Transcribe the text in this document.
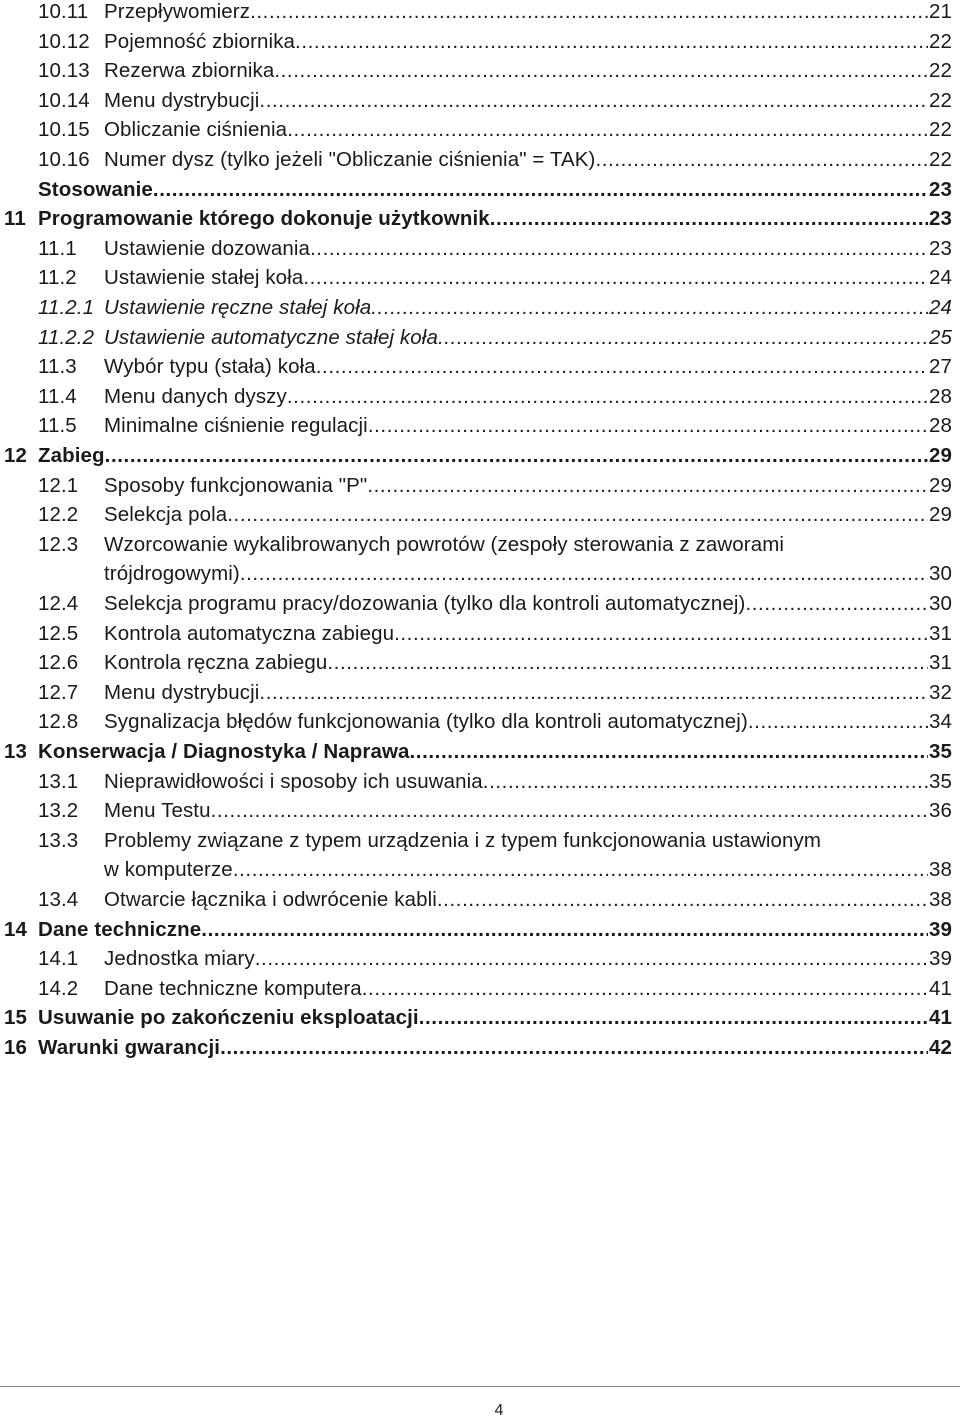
10.11 Przepływomierz .....	21
10.12 Pojemność zbiornika .....	22
10.13 Rezerwa zbiornika .....	22
10.14 Menu dystrybucji .....	22
10.15 Obliczanie ciśnienia .....	22
10.16 Numer dysz (tylko jeżeli "Obliczanie ciśnienia" = TAK) .....	22
Stosowanie .....	23
11 Programowanie którego dokonuje użytkownik .....	23
11.1 Ustawienie dozowania .....	23
11.2 Ustawienie stałej koła .....	24
11.2.1 Ustawienie ręczne stałej koła .....	24
11.2.2 Ustawienie automatyczne stałej koła .....	25
11.3 Wybór typu (stała) koła .....	27
11.4 Menu danych dyszy .....	28
11.5 Minimalne ciśnienie regulacji .....	28
12 Zabieg .....	29
12.1 Sposoby funkcjonowania "P" .....	29
12.2 Selekcja pola .....	29
12.3 Wzorcowanie wykalibrowanych powrotów (zespoły sterowania z zaworami
trójdrogowymi) .....	30
12.4 Selekcja programu pracy/dozowania (tylko dla kontroli automatycznej) .....	30
12.5 Kontrola automatyczna zabiegu .....	31
12.6 Kontrola ręczna zabiegu .....	31
12.7 Menu dystrybucji .....	32
12.8 Sygnalizacja błędów funkcjonowania (tylko dla kontroli automatycznej) .....	34
13 Konserwacja / Diagnostyka / Naprawa .....	35
13.1 Nieprawidłowości i sposoby ich usuwania .....	35
13.2 Menu Testu .....	36
13.3 Problemy związane z typem urządzenia i z typem funkcjonowania ustawionym
w komputerze .....	38
13.4 Otwarcie łącznika i odwrócenie kabli .....	38
14 Dane techniczne .....	39
14.1 Jednostka miary .....	39
14.2 Dane techniczne komputera .....	41
15 Usuwanie po zakończeniu eksploatacji .....	41
16 Warunki gwarancji .....	42
4
